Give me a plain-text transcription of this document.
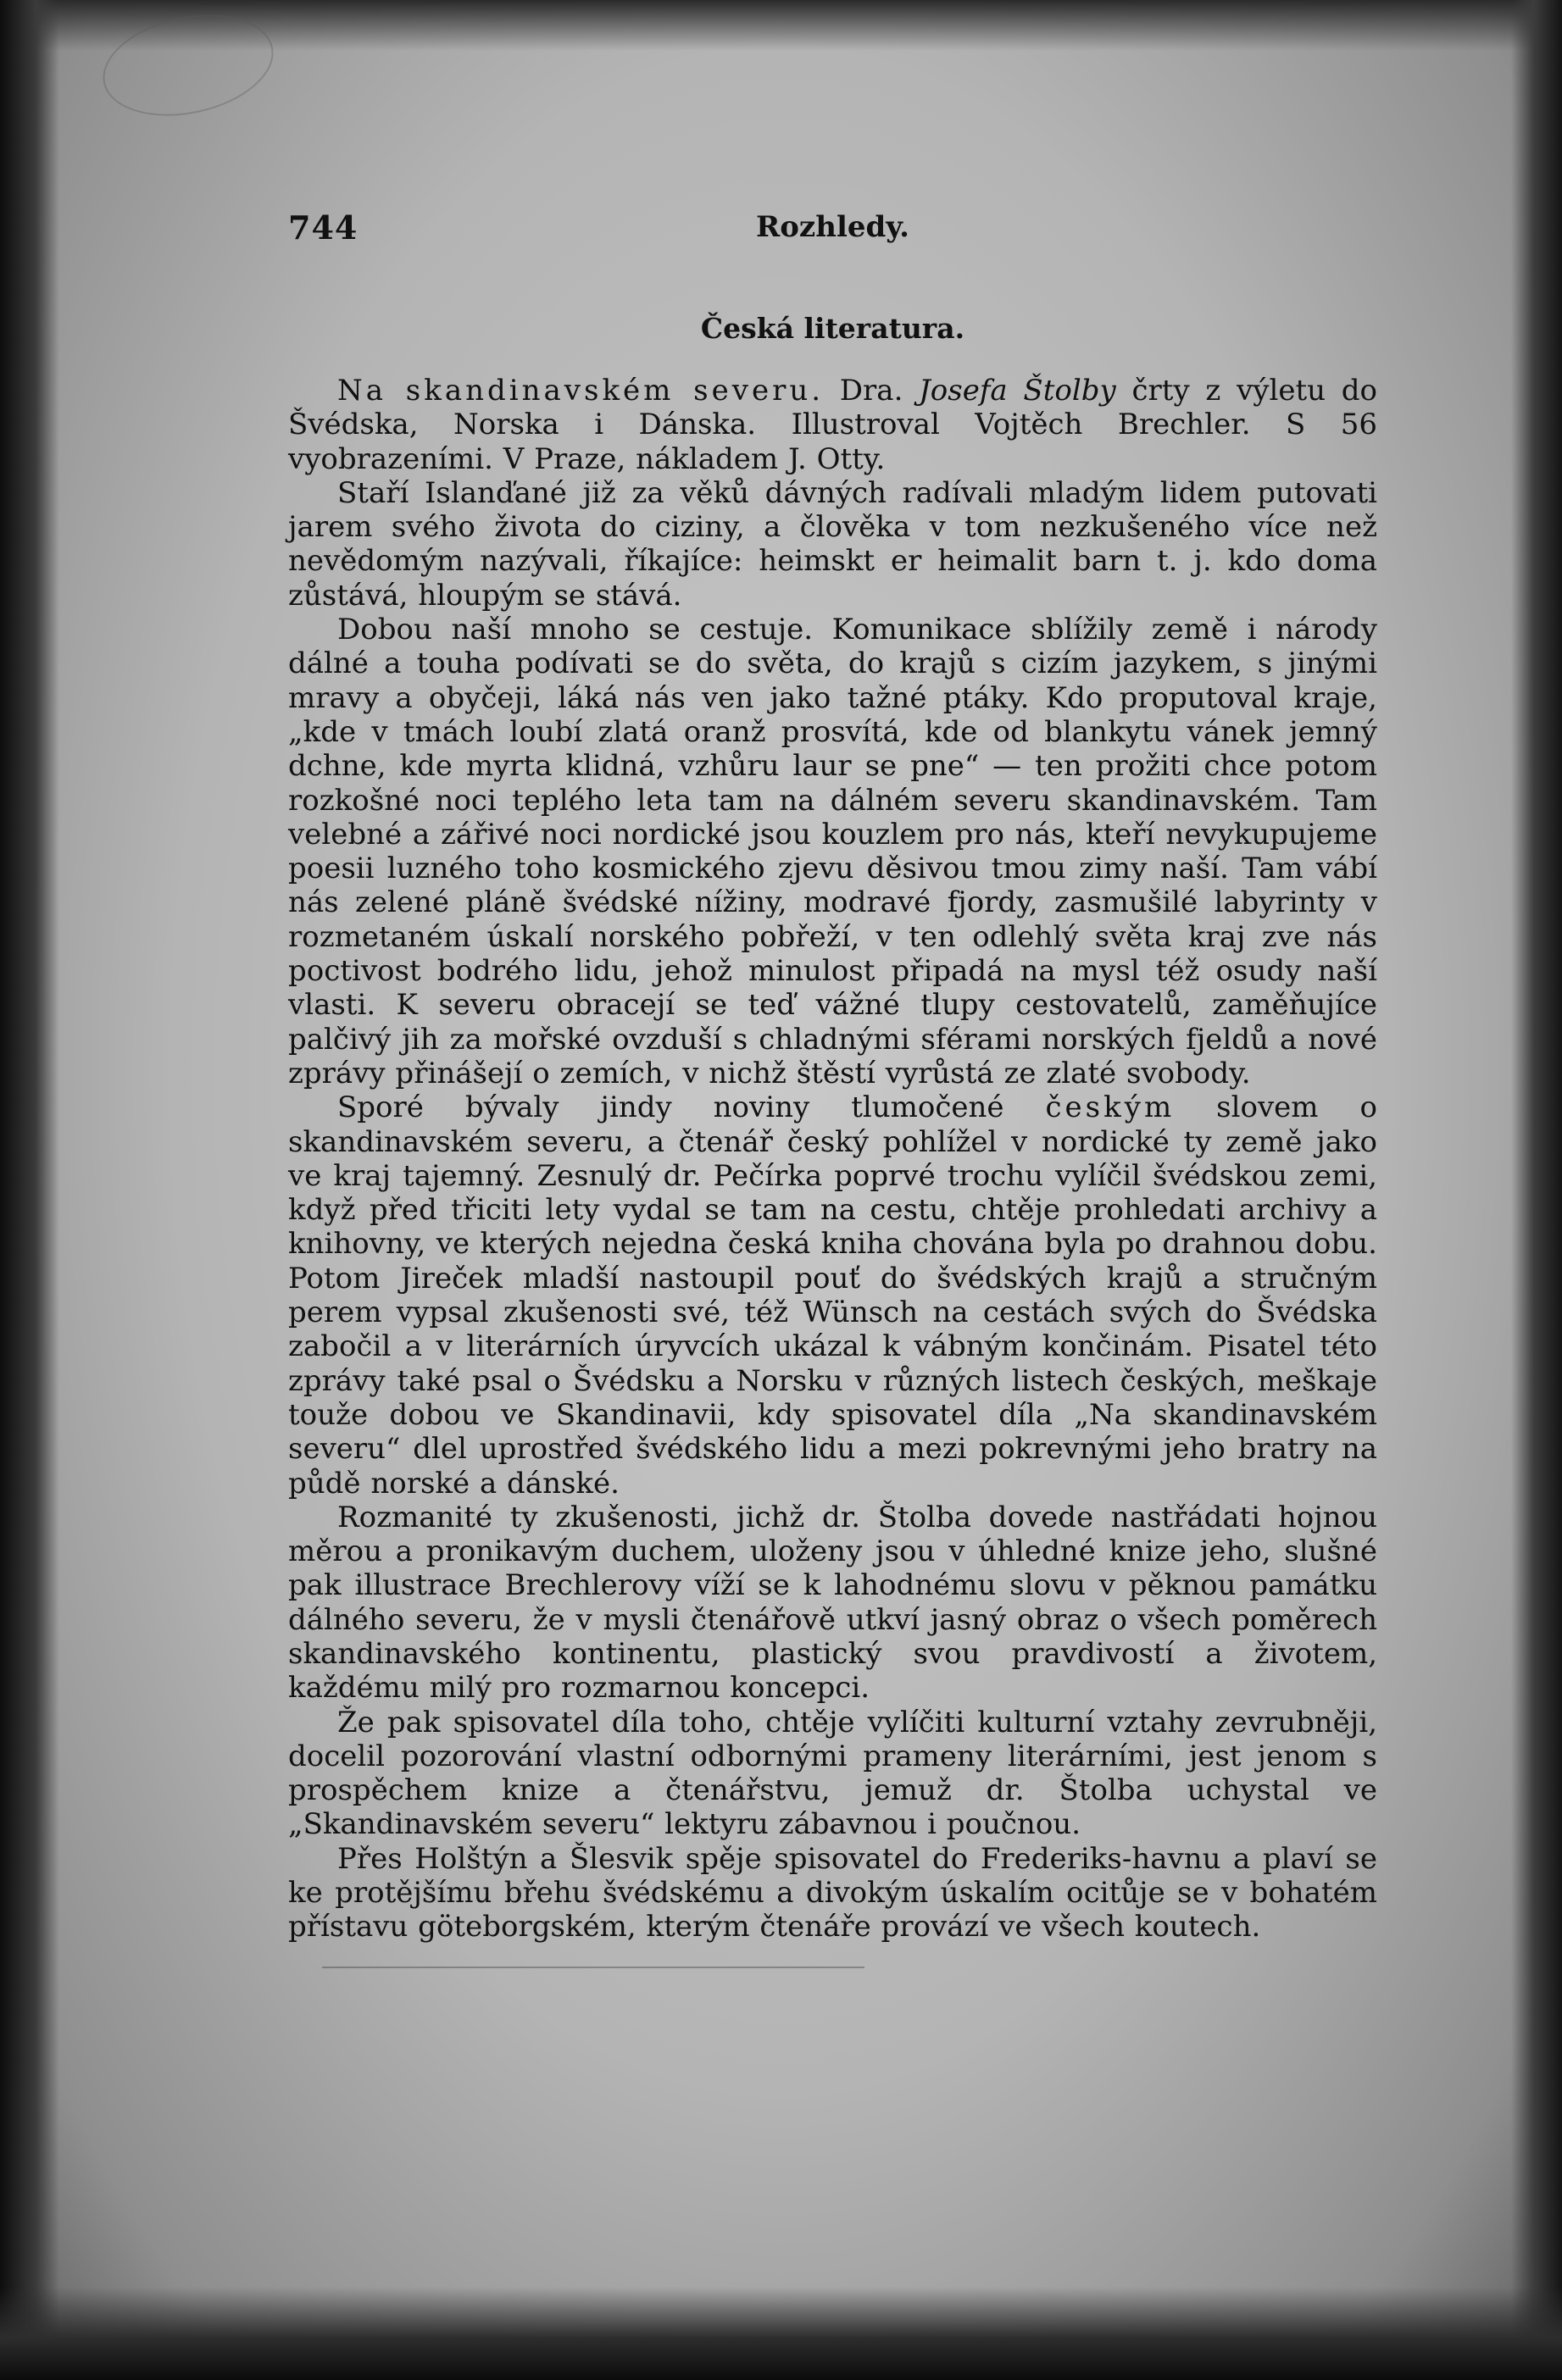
744	Rozhledy.
Česká literatura.

Na skandinavském severu. Dra. Josefa Štolby črty z výletu do Švédska, Norska i Dánska. Illustroval Vojtěch Brechler. S 56 vyobrazeními. V Praze, nákladem J. Otty.

Staří Islanďané již za věků dávných radívali mladým lidem putovati jarem svého života do ciziny, a člověka v tom nezkušeného více než nevědomým nazývali, říkajíce: heimskt er heimalit barn t. j. kdo doma zůstává, hloupým se stává.

Dobou naší mnoho se cestuje. Komunikace sblížily země i národy dálné a touha podívati se do světa, do krajů s cizím jazykem, s jinými mravy a obyčeji, láká nás ven jako tažné ptáky. Kdo proputoval kraje, „kde v tmách loubí zlatá oranž prosvítá, kde od blankytu vánek jemný dchne, kde myrta klidná, vzhůru laur se pne“ — ten prožiti chce potom rozkošné noci teplého leta tam na dálném severu skandinavském. Tam velebné a zářivé noci nordické jsou kouzlem pro nás, kteří nevykupujeme poesii luzného toho kosmického zjevu děsivou tmou zimy naší. Tam vábí nás zelené pláně švédské nížiny, modravé fjordy, zasmušilé labyrinty v rozmetaném úskalí norského pobřeží, v ten odlehlý světa kraj zve nás poctivost bodrého lidu, jehož minulost připadá na mysl též osudy naší vlasti. K severu obracejí se teď vážné tlupy cestovatelů, zaměňujíce palčivý jih za mořské ovzduší s chladnými sférami norských fjeldů a nové zprávy přinášejí o zemích, v nichž štěstí vyrůstá ze zlaté svobody.

Sporé bývaly jindy noviny tlumočené českým slovem o skandinavském severu, a čtenář český pohlížel v nordické ty země jako ve kraj tajemný. Zesnulý dr. Pečírka poprvé trochu vylíčil švédskou zemi, když před třiciti lety vydal se tam na cestu, chtěje prohledati archivy a knihovny, ve kterých nejedna česká kniha chována byla po drahnou dobu. Potom Jireček mladší nastoupil pouť do švédských krajů a stručným perem vypsal zkušenosti své, též Wünsch na cestách svých do Švédska zabočil a v literárních úryvcích ukázal k vábným končinám. Pisatel této zprávy také psal o Švédsku a Norsku v různých listech českých, meškaje touže dobou ve Skandinavii, kdy spisovatel díla „Na skandinavském severu“ dlel uprostřed švédského lidu a mezi pokrevnými jeho bratry na půdě norské a dánské.

Rozmanité ty zkušenosti, jichž dr. Štolba dovede nastřádati hojnou měrou a pronikavým duchem, uloženy jsou v úhledné knize jeho, slušné pak illustrace Brechlerovy víží se k lahodnému slovu v pěknou památku dálného severu, že v mysli čtenářově utkví jasný obraz o všech poměrech skandinavského kontinentu, plastický svou pravdivostí a životem, každému milý pro rozmarnou koncepci.

Že pak spisovatel díla toho, chtěje vylíčiti kulturní vztahy zevrubněji, docelil pozorování vlastní odbornými prameny literárními, jest jenom s prospěchem knize a čtenářstvu, jemuž dr. Štolba uchystal ve „Skandinavském severu“ lektyru zábavnou i poučnou.

Přes Holštýn a Šlesvik spěje spisovatel do Frederiks-havnu a plaví se ke protějšímu břehu švédskému a divokým úskalím ocitůje se v bohatém přístavu göteborgském, kterým čtenáře provází ve všech koutech.
